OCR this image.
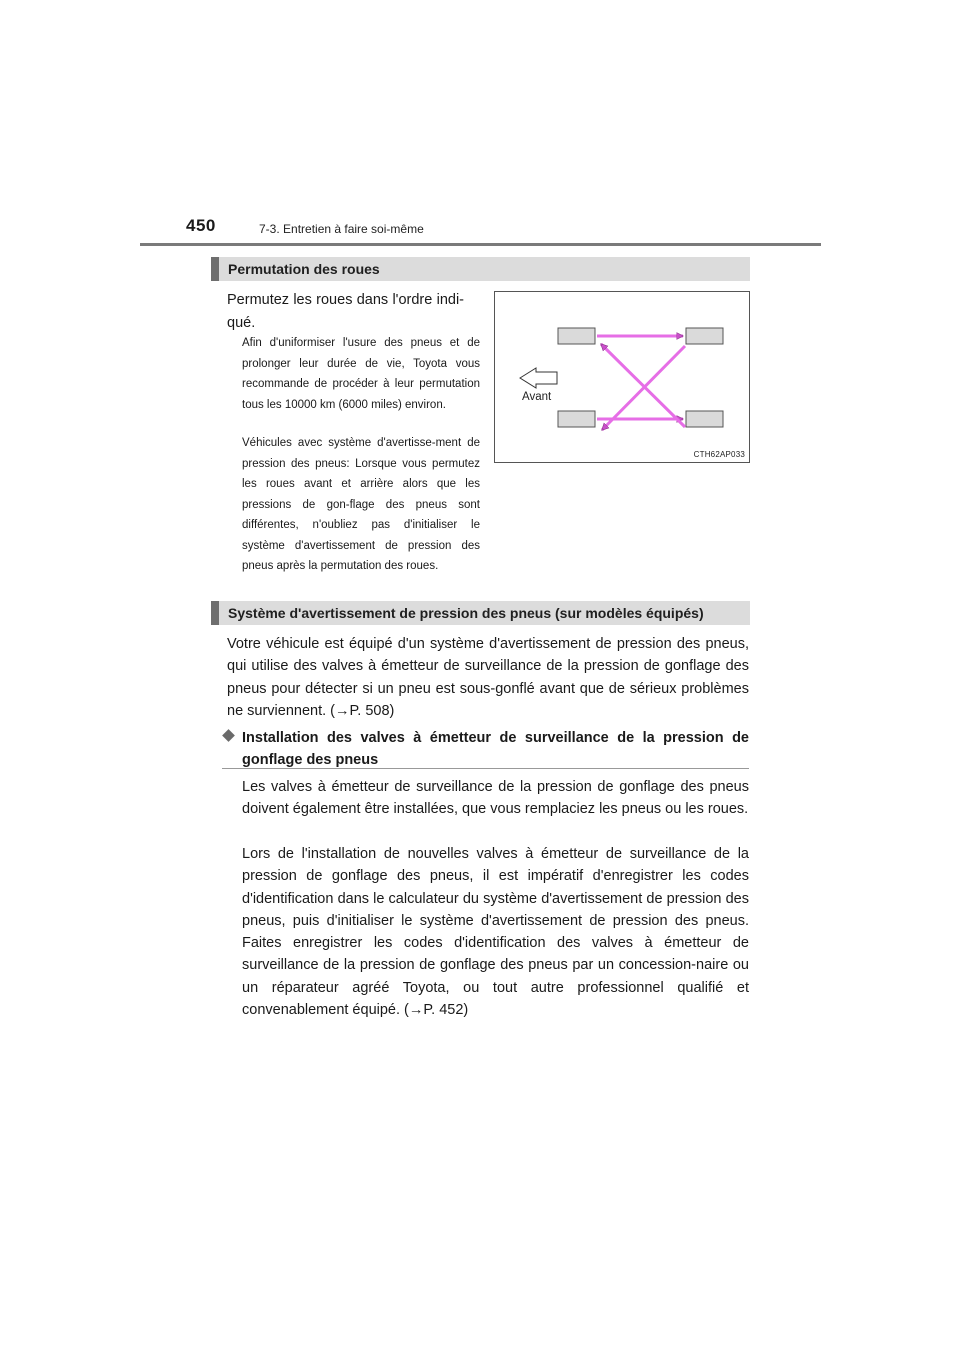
450	7-3. Entretien à faire soi-même
Permutation des roues
Permutez les roues dans l'ordre indi-qué.
Afin d'uniformiser l'usure des pneus et de prolonger leur durée de vie, Toyota vous recommande de procéder à leur permutation tous les 10000 km (6000 miles) environ.
Véhicules avec système d'avertisse-ment de pression des pneus: Lorsque vous permutez les roues avant et arrière alors que les pressions de gon-flage des pneus sont différentes, n'oubliez pas d'initialiser le système d'avertissement de pression des pneus après la permutation des roues.
Avant
CTH62AP033
Système d'avertissement de pression des pneus (sur modèles équipés)
Votre véhicule est équipé d'un système d'avertissement de pression des pneus, qui utilise des valves à émetteur de surveillance de la pression de gonflage des pneus pour détecter si un pneu est sous-gonflé avant que de sérieux problèmes ne surviennent. (→P. 508)
Installation des valves à émetteur de surveillance de la pression de gonflage des pneus
Les valves à émetteur de surveillance de la pression de gonflage des pneus doivent également être installées, que vous remplaciez les pneus ou les roues.
Lors de l'installation de nouvelles valves à émetteur de surveillance de la pression de gonflage des pneus, il est impératif d'enregistrer les codes d'identification dans le calculateur du système d'avertissement de pression des pneus, puis d'initialiser le système d'avertissement de pression des pneus. Faites enregistrer les codes d'identification des valves à émetteur de surveillance de la pression de gonflage des pneus par un concession-naire ou un réparateur agréé Toyota, ou tout autre professionnel qualifié et convenablement équipé. (→P. 452)
